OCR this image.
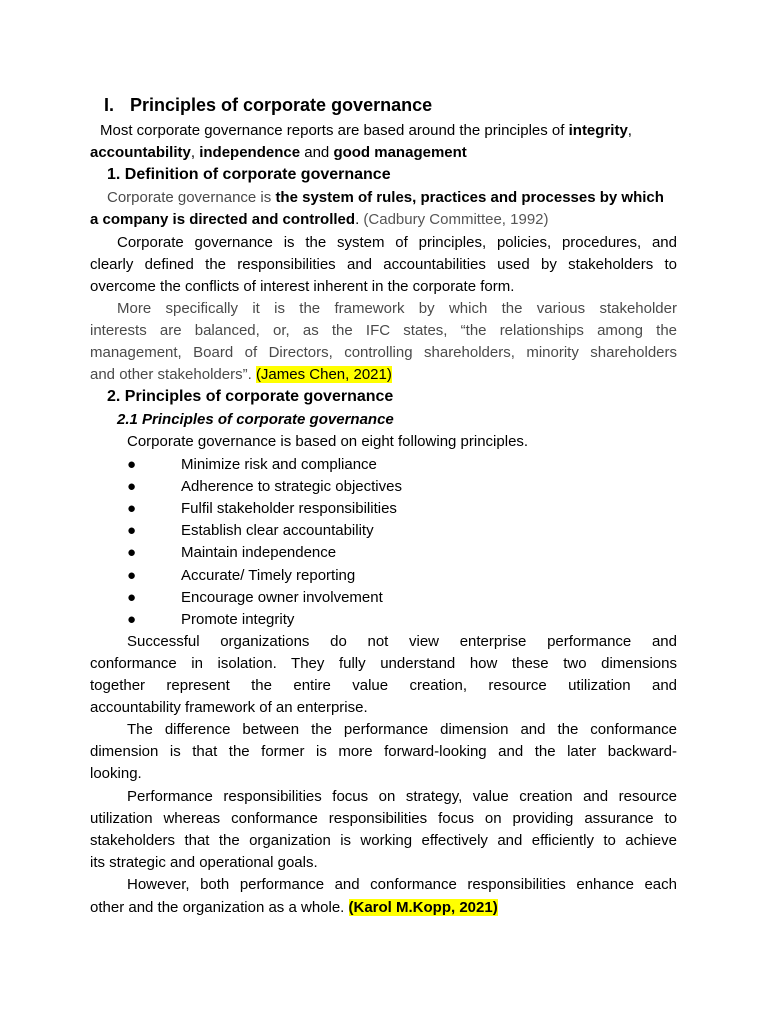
I. Principles of corporate governance
Most corporate governance reports are based around the principles of integrity,
accountability, independence and good management
1. Definition of corporate governance
Corporate governance is the system of rules, practices and processes by which
a company is directed and controlled. (Cadbury Committee, 1992)
Corporate governance is the system of principles, policies, procedures, and
clearly defined the responsibilities and accountabilities used by stakeholders to
overcome the conflicts of interest inherent in the corporate form.
More specifically it is the framework by which the various stakeholder
interests are balanced, or, as the IFC states, “the relationships among the
management, Board of Directors, controlling shareholders, minority shareholders
and other stakeholders”. (James Chen, 2021)
2. Principles of corporate governance
2.1 Principles of corporate governance
Corporate governance is based on eight following principles.
●	Minimize risk and compliance
●	Adherence to strategic objectives
●	Fulfil stakeholder responsibilities
●	Establish clear accountability
●	Maintain independence
●	Accurate/ Timely reporting
●	Encourage owner involvement
●	Promote integrity
Successful organizations do not view enterprise performance and
conformance in isolation. They fully understand how these two dimensions
together represent the entire value creation, resource utilization and
accountability framework of an enterprise.
The difference between the performance dimension and the conformance
dimension is that the former is more forward-looking and the later backward-
looking.
Performance responsibilities focus on strategy, value creation and resource
utilization whereas conformance responsibilities focus on providing assurance to
stakeholders that the organization is working effectively and efficiently to achieve
its strategic and operational goals.
However, both performance and conformance responsibilities enhance each
other and the organization as a whole. (Karol M.Kopp, 2021)
